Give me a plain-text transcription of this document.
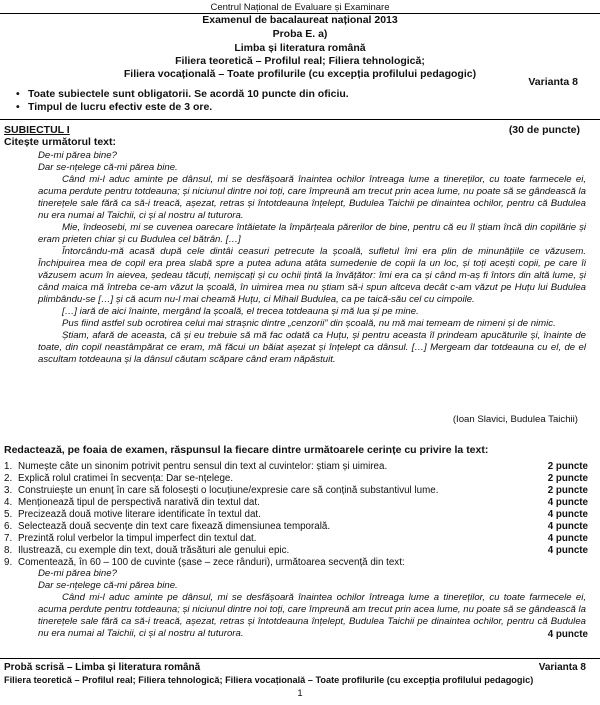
Centrul Național de Evaluare și Examinare
Examenul de bacalaureat național 2013
Proba E. a)
Limba și literatura română
Filiera teoretică – Profilul real; Filiera tehnologică;
Filiera vocațională – Toate profilurile (cu excepția profilului pedagogic)
Varianta 8
• Toate subiectele sunt obligatorii. Se acordă 10 puncte din oficiu.
• Timpul de lucru efectiv este de 3 ore.
SUBIECTUL I	(30 de puncte)
Citește următorul text:

De-mi părea bine?

Dar se-nțelege că-mi părea bine.

Când mi-l aduc aminte pe dânsul, mi se desfășoară înaintea ochilor întreaga lume a tinereților, cu toate farmecele ei, acuma perdute pentru totdeauna; și niciunul dintre noi toți, care împreună am trecut prin acea lume, nu poate să se gândească la tinerețele sale fără ca să-i treacă, așezat, retras și întotdeauna înțelept, Budulea Taichii pe dinaintea ochilor, pentru că Budulea nu era numai al Taichii, ci și al nostru al tuturora.

Mie, îndeosebi, mi se cuvenea oarecare întăietate la împărțeala părerilor de bine, pentru că eu îl știam încă din copilărie și eram prieten chiar și cu Budulea cel bătrân. […]

Întorcându-mă acasă după cele dintâi ceasuri petrecute la școală, sufletul îmi era plin de minunățiile ce văzusem. Închipuirea mea de copil era prea slabă spre a putea aduna atâta sumedenie de copii la un loc, și toți acești copii, pe care îi văzusem acum în aievea, ședeau tăcuți, nemișcați și cu ochii țintă la învățător: îmi era ca și când m-aș fi întors din altă lume, și când maica mă întreba ce-am văzut la școală, în uimirea mea nu știam să-i spun altceva decât c-am văzut pe Huțu lui Budulea plimbându-se […] și că acum nu-l mai cheamă Huțu, ci Mihail Budulea, ca pe taică-său cel cu cimpoile.

[…] iară de aici înainte, mergând la școală, el trecea totdeauna și mă lua și pe mine.

Pus fiind astfel sub ocrotirea celui mai strașnic dintre „cenzorii” din școală, nu mă mai temeam de nimeni și de nimic.

Știam, afară de aceasta, că și eu trebuie să mă fac odată ca Huțu, și pentru aceasta îl prindeam apucăturile și, înainte de toate, din copil neastâmpărat ce eram, mă făcui un băiat așezat și înțelept ca dânsul. […] Mergeam dar totdeauna cu el, de el ascultam totdeauna și la dânsul căutam scăpare când eram năpăstuit.

(Ioan Slavici, Budulea Taichii)
Redactează, pe foaia de examen, răspunsul la fiecare dintre următoarele cerințe cu privire la text:
1. Numește câte un sinonim potrivit pentru sensul din text al cuvintelor: știam și uimirea.	2 puncte
2. Explică rolul cratimei în secvența: Dar se-nțelege.	2 puncte
3. Construiește un enunț în care să folosești o locuțiune/expresie care să conțină substantivul lume.	2 puncte
4. Menționează tipul de perspectivă narativă din textul dat.	4 puncte
5. Precizează două motive literare identificate în textul dat.	4 puncte
6. Selectează două secvențe din text care fixează dimensiunea temporală.	4 puncte
7. Prezintă rolul verbelor la timpul imperfect din textul dat.	4 puncte
8. Ilustrează, cu exemple din text, două trăsături ale genului epic.	4 puncte
9. Comentează, în 60 – 100 de cuvinte (șase – zece rânduri), următoarea secvență din text:

De-mi părea bine?

Dar se-nțelege că-mi părea bine.

Când mi-l aduc aminte pe dânsul, mi se desfășoară înaintea ochilor întreaga lume a tinereților, cu toate farmecele ei, acuma perdute pentru totdeauna; și niciunul dintre noi toți, care împreună am trecut prin acea lume, nu poate să se gândească la tinerețele sale fără ca să-i treacă, așezat, retras și întotdeauna înțelept, Budulea Taichii pe dinaintea ochilor, pentru că Budulea nu era numai al Taichii, ci și al nostru al tuturora.	4 puncte
Probă scrisă – Limba și literatura română	Varianta 8
Filiera teoretică – Profilul real; Filiera tehnologică; Filiera vocațională – Toate profilurile (cu excepția profilului pedagogic)
1
